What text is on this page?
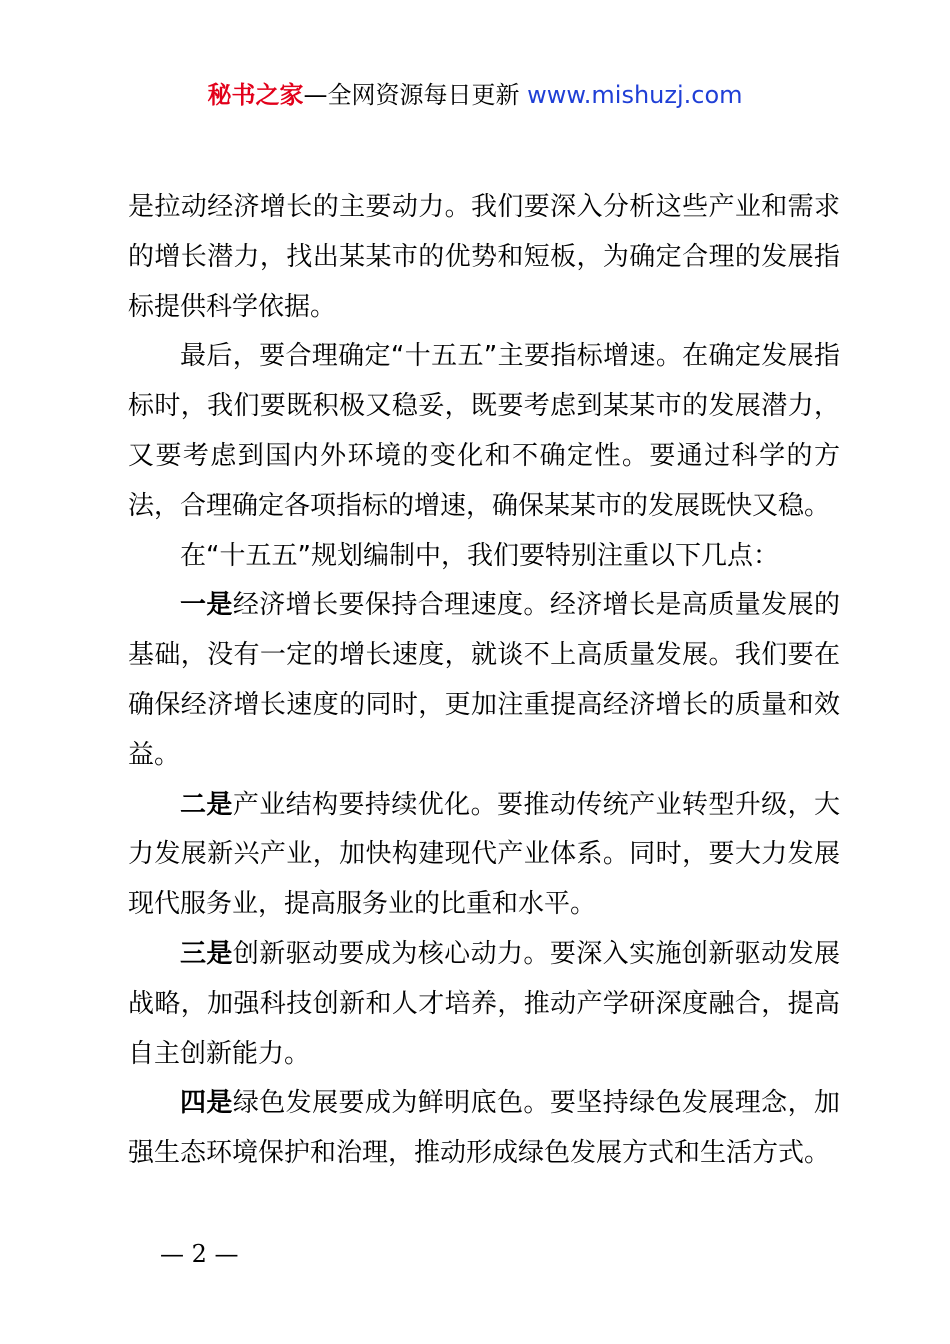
秘书之家—全网资源每日更新 www.mishuzj.com

是拉动经济增长的主要动力。我们要深入分析这些产业和需求的增长潜力，找出某某市的优势和短板，为确定合理的发展指标提供科学依据。

最后，要合理确定“十五五”主要指标增速。在确定发展指标时，我们要既积极又稳妥，既要考虑到某某市的发展潜力，又要考虑到国内外环境的变化和不确定性。要通过科学的方法，合理确定各项指标的增速，确保某某市的发展既快又稳。

在“十五五”规划编制中，我们要特别注重以下几点：

一是经济增长要保持合理速度。经济增长是高质量发展的基础，没有一定的增长速度，就谈不上高质量发展。我们要在确保经济增长速度的同时，更加注重提高经济增长的质量和效益。

二是产业结构要持续优化。要推动传统产业转型升级，大力发展新兴产业，加快构建现代产业体系。同时，要大力发展现代服务业，提高服务业的比重和水平。

三是创新驱动要成为核心动力。要深入实施创新驱动发展战略，加强科技创新和人才培养，推动产学研深度融合，提高自主创新能力。

四是绿色发展要成为鲜明底色。要坚持绿色发展理念，加强生态环境保护和治理，推动形成绿色发展方式和生活方式。

— 2 —
